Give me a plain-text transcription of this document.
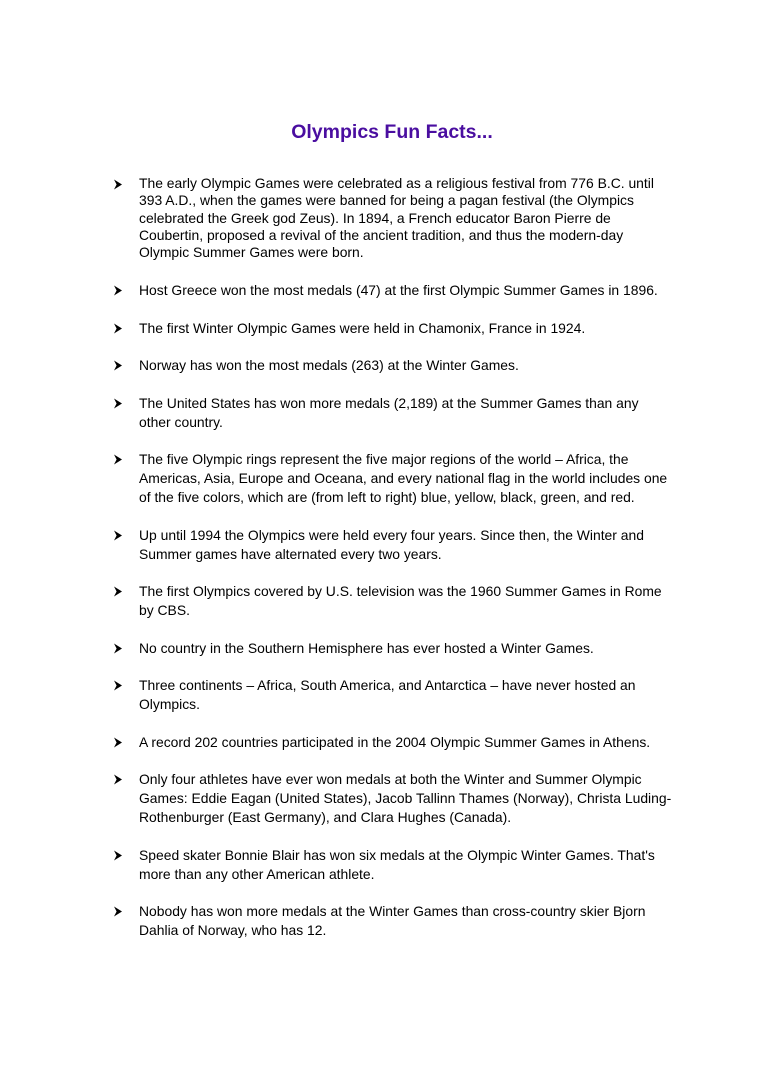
Olympics Fun Facts...
The early Olympic Games were celebrated as a religious festival from 776 B.C. until 393 A.D., when the games were banned for being a pagan festival (the Olympics celebrated the Greek god Zeus). In 1894, a French educator Baron Pierre de Coubertin, proposed a revival of the ancient tradition, and thus the modern-day Olympic Summer Games were born.
Host Greece won the most medals (47) at the first Olympic Summer Games in 1896.
The first Winter Olympic Games were held in Chamonix, France in 1924.
Norway has won the most medals (263) at the Winter Games.
The United States has won more medals (2,189) at the Summer Games than any other country.
The five Olympic rings represent the five major regions of the world – Africa, the Americas, Asia, Europe and Oceana, and every national flag in the world includes one of the five colors, which are (from left to right) blue, yellow, black, green, and red.
Up until 1994 the Olympics were held every four years. Since then, the Winter and Summer games have alternated every two years.
The first Olympics covered by U.S. television was the 1960 Summer Games in Rome by CBS.
No country in the Southern Hemisphere has ever hosted a Winter Games.
Three continents – Africa, South America, and Antarctica – have never hosted an Olympics.
A record 202 countries participated in the 2004 Olympic Summer Games in Athens.
Only four athletes have ever won medals at both the Winter and Summer Olympic Games: Eddie Eagan (United States), Jacob Tallinn Thames (Norway), Christa Luding-Rothenburger (East Germany), and Clara Hughes (Canada).
Speed skater Bonnie Blair has won six medals at the Olympic Winter Games. That's more than any other American athlete.
Nobody has won more medals at the Winter Games than cross-country skier Bjorn Dahlia of Norway, who has 12.
